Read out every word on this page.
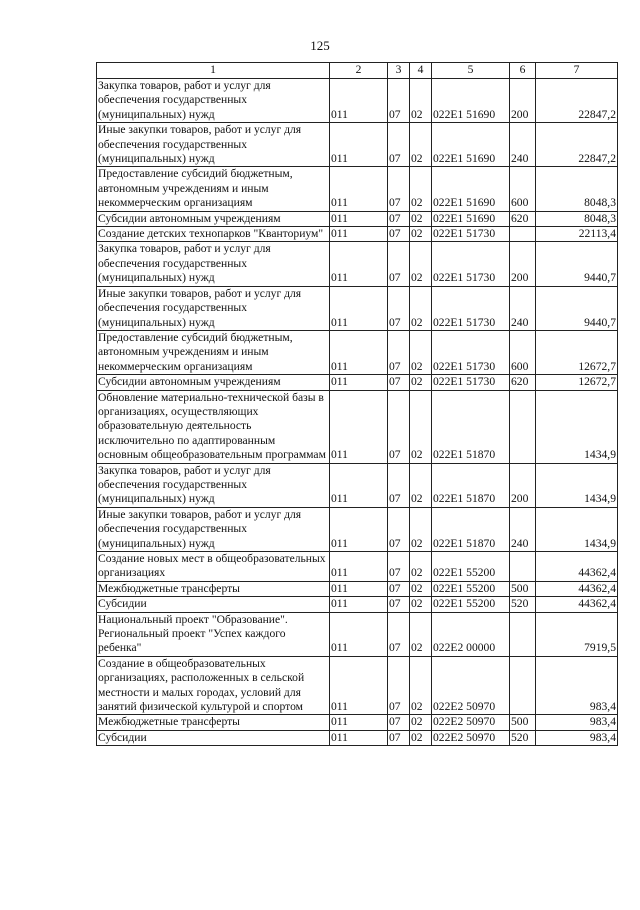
125
1	2	3	4	5	6	7
Закупка товаров, работ и услуг для обеспечения государственных (муниципальных) нужд	011	07	02	022E1 51690	200	22847,2
Иные закупки товаров, работ и услуг для обеспечения государственных (муниципальных) нужд	011	07	02	022E1 51690	240	22847,2
Предоставление субсидий бюджетным, автономным учреждениям и иным некоммерческим организациям	011	07	02	022E1 51690	600	8048,3
Субсидии автономным учреждениям	011	07	02	022E1 51690	620	8048,3
Создание детских технопарков "Кванториум"	011	07	02	022E1 51730		22113,4
Закупка товаров, работ и услуг для обеспечения государственных (муниципальных) нужд	011	07	02	022E1 51730	200	9440,7
Иные закупки товаров, работ и услуг для обеспечения государственных (муниципальных) нужд	011	07	02	022E1 51730	240	9440,7
Предоставление субсидий бюджетным, автономным учреждениям и иным некоммерческим организациям	011	07	02	022E1 51730	600	12672,7
Субсидии автономным учреждениям	011	07	02	022E1 51730	620	12672,7
Обновление материально-технической базы в организациях, осуществляющих образовательную деятельность исключительно по адаптированным основным общеобразовательным программам	011	07	02	022E1 51870		1434,9
Закупка товаров, работ и услуг для обеспечения государственных (муниципальных) нужд	011	07	02	022E1 51870	200	1434,9
Иные закупки товаров, работ и услуг для обеспечения государственных (муниципальных) нужд	011	07	02	022E1 51870	240	1434,9
Создание новых мест в общеобразовательных организациях	011	07	02	022E1 55200		44362,4
Межбюджетные трансферты	011	07	02	022E1 55200	500	44362,4
Субсидии	011	07	02	022E1 55200	520	44362,4
Национальный проект "Образование". Региональный проект "Успех каждого ребенка"	011	07	02	022E2 00000		7919,5
Создание в общеобразовательных организациях, расположенных в сельской местности и малых городах, условий для занятий физической культурой и спортом	011	07	02	022E2 50970		983,4
Межбюджетные трансферты	011	07	02	022E2 50970	500	983,4
Субсидии	011	07	02	022E2 50970	520	983,4
